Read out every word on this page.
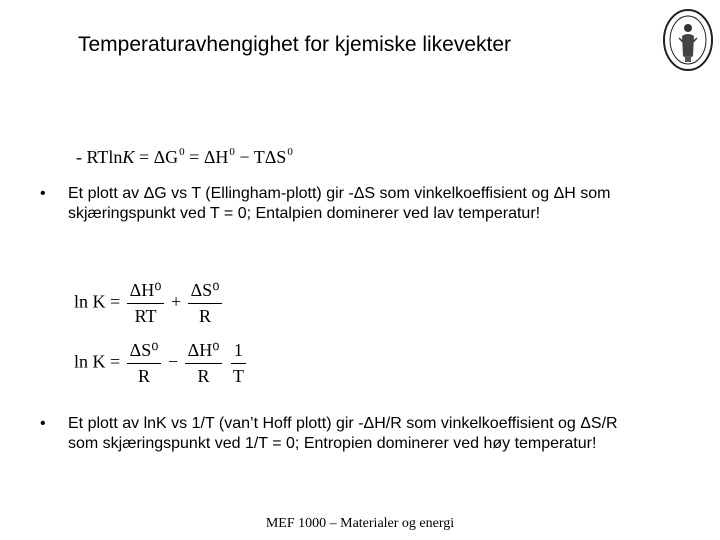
Temperaturavhengighet for kjemiske likevekter
- $RTlnK = \Delta G^0 = \Delta H^0 - T\Delta S^0$
• Et plott av ΔG vs T (Ellingham-plott) gir -ΔS som vinkelkoeffisient og ΔH som skjæringspunkt ved T = 0; Entalpien dominerer ved lav temperatur!
$\ln K = \frac{\text{ΔH⁰}}{RT} + \frac{\text{ΔS⁰}}{R}$
$\ln K = \frac{\text{ΔS⁰}}{R} - \frac{\text{ΔH⁰}}{R}$
$\frac{1}{T}$
• Et plott av lnK vs 1/T (van’t Hoff plott) gir -ΔH/R som vinkelkoeffisient og ΔS/R som skjæringspunkt ved 1/T = 0; Entropien dominerer ved høy temperatur!
MEF 1000 – Materialer og energi
